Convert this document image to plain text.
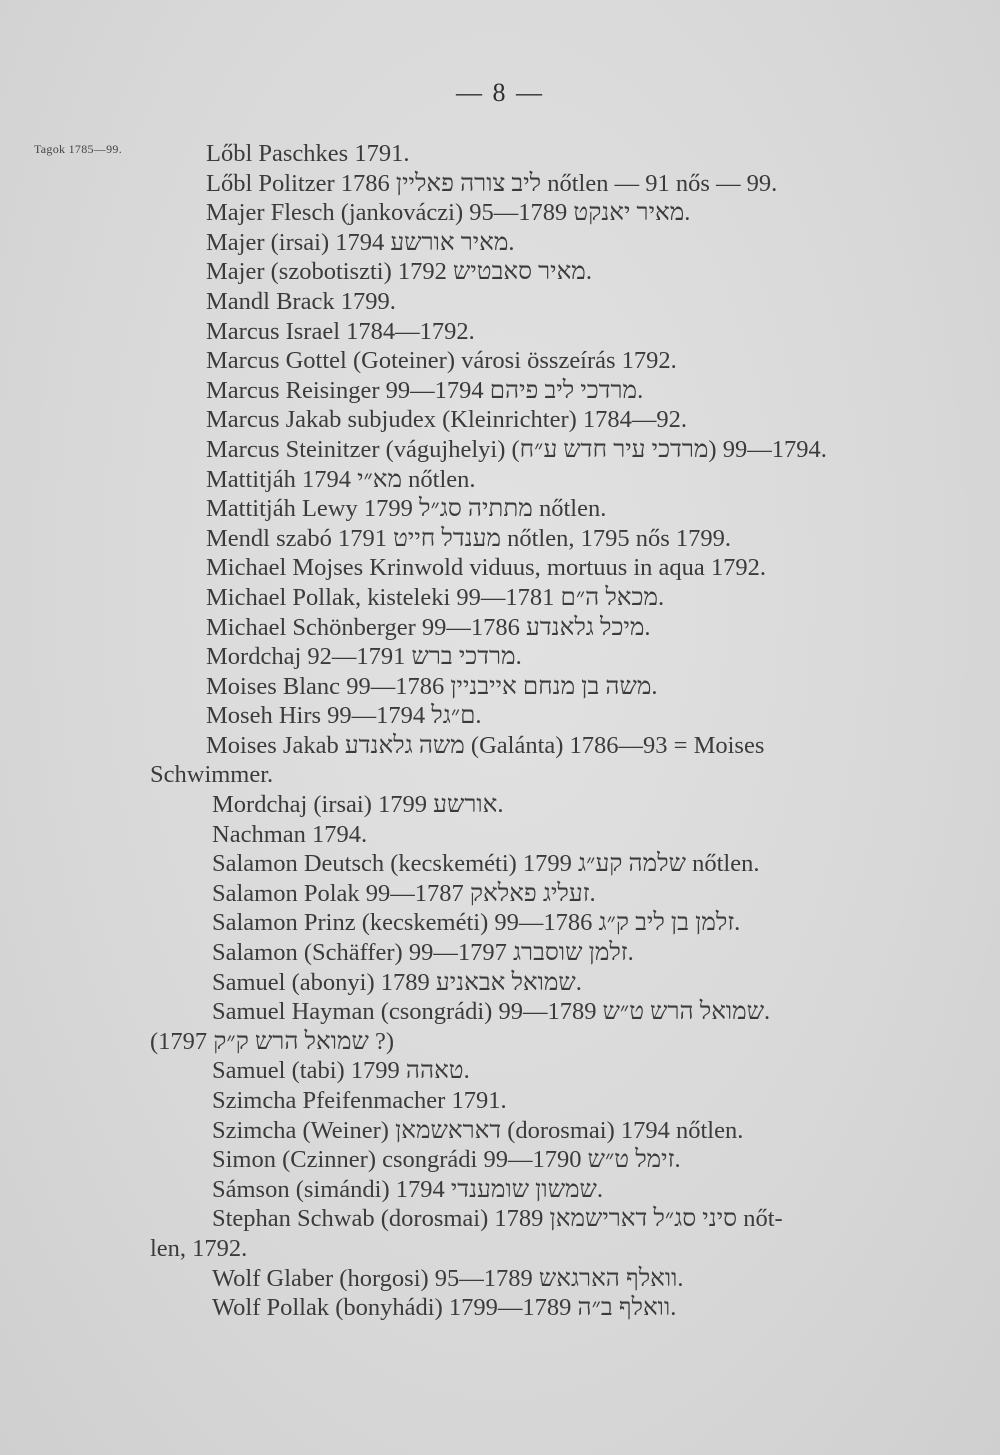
— 8 —
Tagok 1785—99.	Lőbl Paschkes 1791.
Lőbl Politzer ליב צורה פאליין 1786 nőtlen — 91 nős — 99.
Majer Flesch (jankováczi) מאיר יאנקט 1789—95.
Majer (irsai) מאיר אורשע 1794.
Majer (szobotiszti) מאיר סאבטיש 1792.
Mandl Brack 1799.
Marcus Israel 1784—1792.
Marcus Gottel (Goteiner) városi összeírás 1792.
Marcus Reisinger מרדכי ליב פיהם 1794—99.
Marcus Jakab subjudex (Kleinrichter) 1784—92.
Marcus Steinitzer (vágujhelyi) (מרדכי עיר חדש ע״ח) 1794—99.
Mattitjáh מא״י 1794 nőtlen.
Mattitjáh Lewy מתתיה סג״ל 1799 nőtlen.
Mendl szabó מענדל חייט 1791 nőtlen, 1795 nős 1799.
Michael Mojses Krinwold viduus, mortuus in aqua 1792.
Michael Pollak, kisteleki מכאל ה״ם 1781—99.
Michael Schönberger מיכל גלאנדע 1786—99.
Mordchaj מרדכי ברש 1791—92.
Moises Blanc משה בן מנחם אייבניין 1786—99.
Moseh Hirs ם״גל 1794—99.
Moises Jakab משה גלאנדע (Galánta) 1786—93 = Moises
Schwimmer.
Mordchaj (irsai) אורשע 1799.
Nachman 1794.
Salamon Deutsch (kecskeméti) שלמה קע״ג 1799 nőtlen.
Salamon Polak זעליג פאלאק 1787—99.
Salamon Prinz (kecskeméti) זלמן בן ליב ק״ג 1786—99.
Salamon (Schäffer) זלמן שוסברג 1797—99.
Samuel (abonyi) שמואל אבאניע 1789.
Samuel Hayman (csongrádi) שמואל הרש ט״ש 1789—99.
(שמואל הרש ק״ק 1797 ?)
Samuel (tabi) טאהה 1799.
Szimcha Pfeifenmacher 1791.
Szimcha (Weiner) דאראשמאן (dorosmai) 1794 nőtlen.
Simon (Czinner) csongrádi זימל ט״ש 1790—99.
Sámson (simándi) שמשון שומענדי 1794.
Stephan Schwab (dorosmai) סיני סג״ל דארישמאן 1789 nőt-
len, 1792.
Wolf Glaber (horgosi) וואלף הארגאש 1789—95.
Wolf Pollak (bonyhádi) וואלף ב״ה 1789—1799.
